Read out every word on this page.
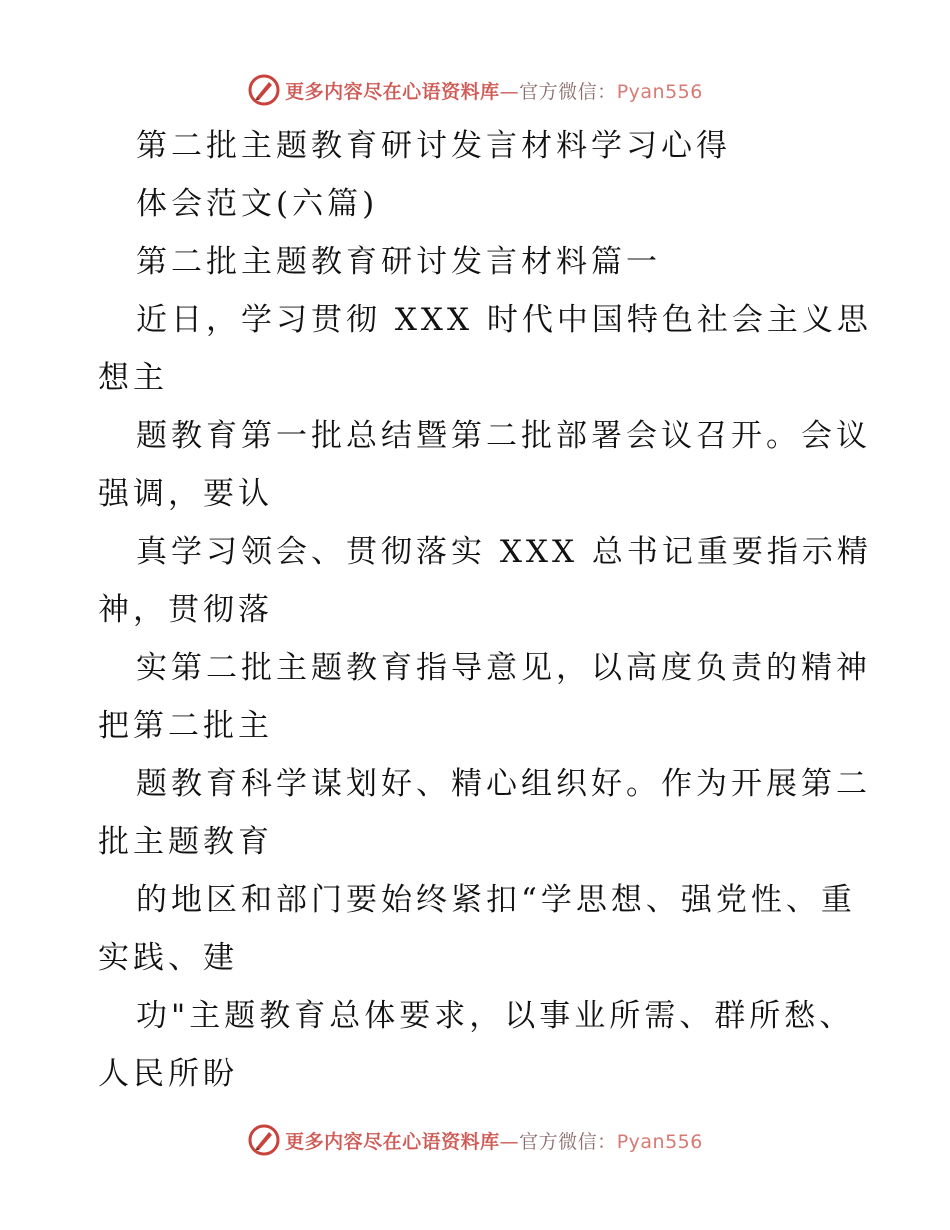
更多内容尽在心语资料库—官方微信：Pyan556
第二批主题教育研讨发言材料学习心得
体会范文(六篇)
第二批主题教育研讨发言材料篇一
近日，学习贯彻 XXX 时代中国特色社会主义思
想主
题教育第一批总结暨第二批部署会议召开。会议
强调，要认
真学习领会、贯彻落实 XXX 总书记重要指示精
神，贯彻落
实第二批主题教育指导意见，以高度负责的精神
把第二批主
题教育科学谋划好、精心组织好。作为开展第二
批主题教育
的地区和部门要始终紧扣“学思想、强党性、重
实践、建
功"主题教育总体要求，以事业所需、群所愁、
人民所盼
更多内容尽在心语资料库—官方微信：Pyan556
